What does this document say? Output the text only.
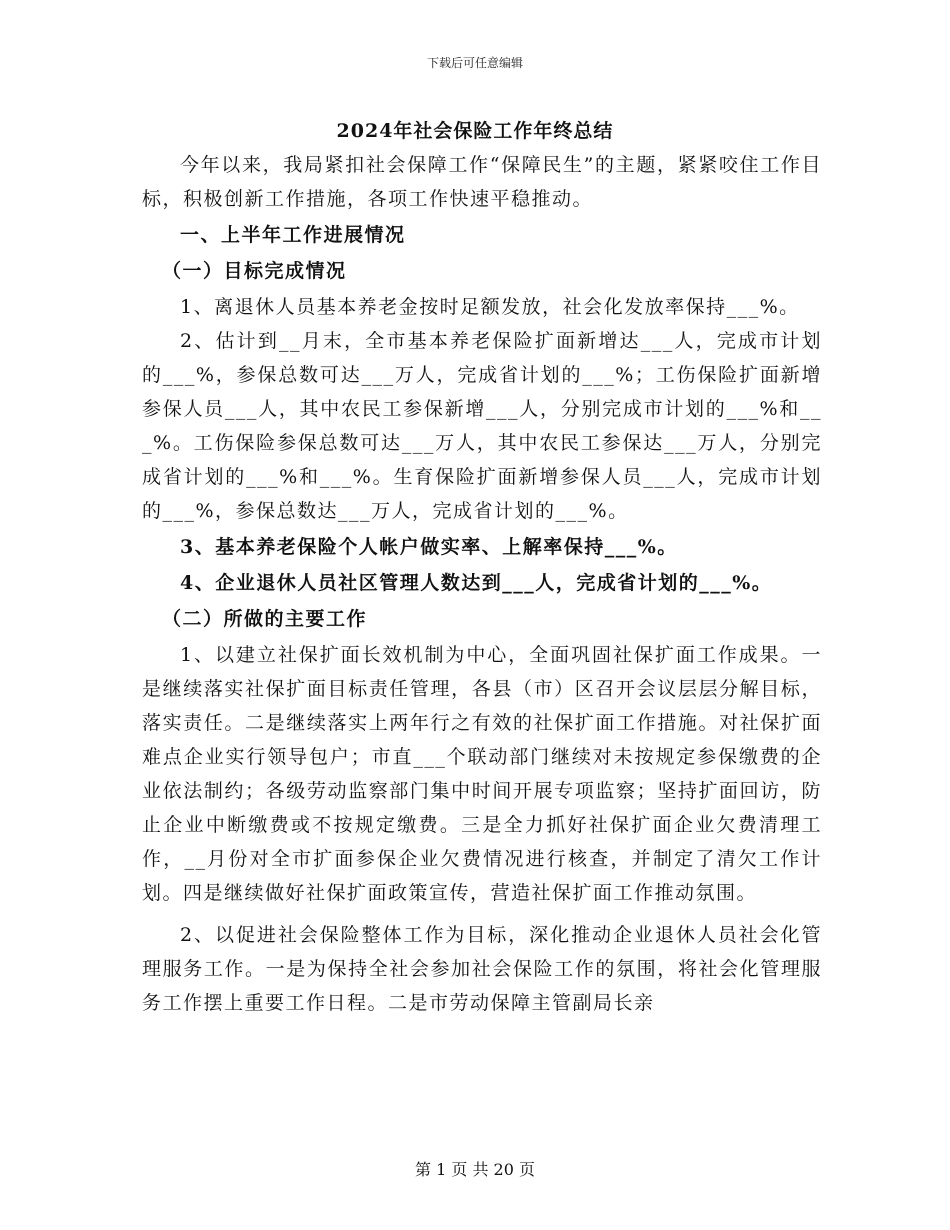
下载后可任意编辑
2024年社会保险工作年终总结

今年以来，我局紧扣社会保障工作“保障民生”的主题，紧紧咬住工作目标，积极创新工作措施，各项工作快速平稳推动。

一、上半年工作进展情况

（一）目标完成情况

1、离退休人员基本养老金按时足额发放，社会化发放率保持___%。

2、估计到__月末，全市基本养老保险扩面新增达___人，完成市计划的___%，参保总数可达___万人，完成省计划的___%；工伤保险扩面新增参保人员___人，其中农民工参保新增___人，分别完成市计划的___%和___%。工伤保险参保总数可达___万人，其中农民工参保达___万人，分别完成省计划的___%和___%。生育保险扩面新增参保人员___人，完成市计划的___%，参保总数达___万人，完成省计划的___%。

3、基本养老保险个人帐户做实率、上解率保持___%。

4、企业退休人员社区管理人数达到___人，完成省计划的___%。

（二）所做的主要工作

1、以建立社保扩面长效机制为中心，全面巩固社保扩面工作成果。一是继续落实社保扩面目标责任管理，各县（市）区召开会议层层分解目标，落实责任。二是继续落实上两年行之有效的社保扩面工作措施。对社保扩面难点企业实行领导包户；市直___个联动部门继续对未按规定参保缴费的企业依法制约；各级劳动监察部门集中时间开展专项监察；坚持扩面回访，防止企业中断缴费或不按规定缴费。三是全力抓好社保扩面企业欠费清理工作，__月份对全市扩面参保企业欠费情况进行核查，并制定了清欠工作计划。四是继续做好社保扩面政策宣传，营造社保扩面工作推动氛围。

2、以促进社会保险整体工作为目标，深化推动企业退休人员社会化管理服务工作。一是为保持全社会参加社会保险工作的氛围，将社会化管理服务工作摆上重要工作日程。二是市劳动保障主管副局长亲

第 1 页 共 20 页
